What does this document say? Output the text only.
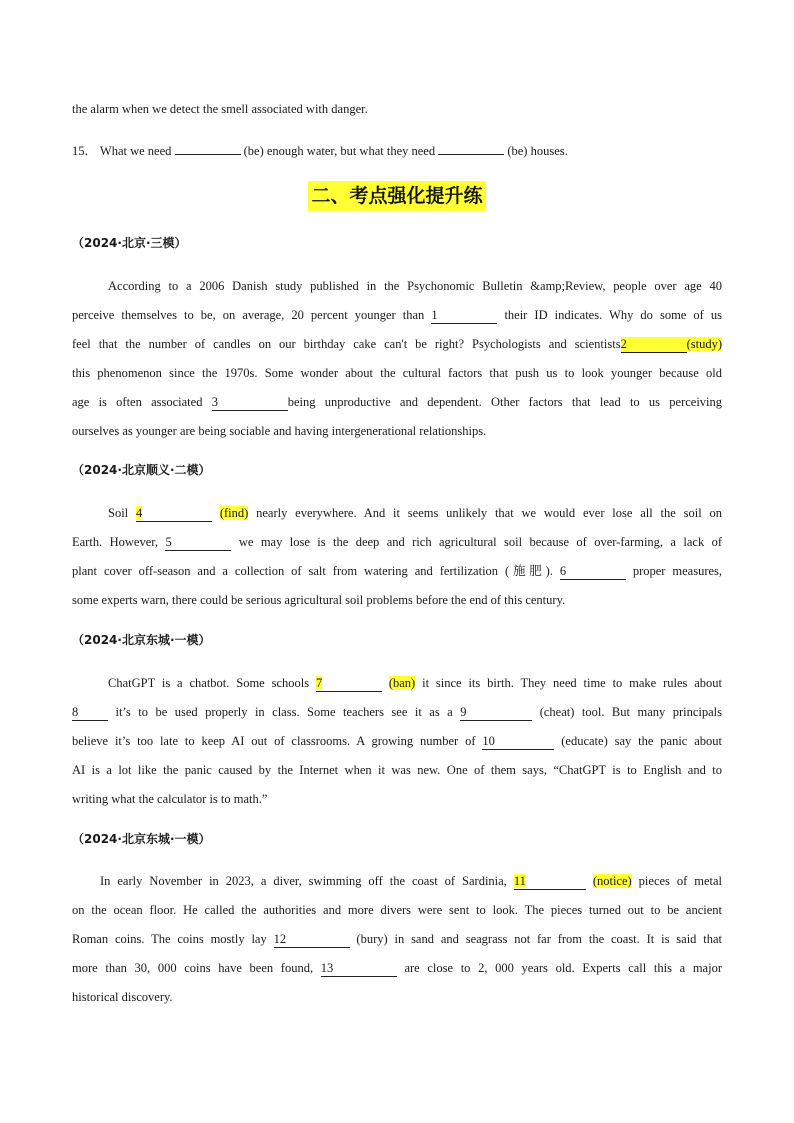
the alarm when we detect the smell associated with danger.

15． What we need	(be) enough water, but what they need	(be) houses.

二、考点强化提升练
（2024·北京·三模）

According to a 2006 Danish study published in the Psychonomic Bulletin &amp;Review, people over age 40

perceive themselves to be, on average, 20 percent younger than 1	their ID indicates. Why do some of us

feel that the number of candles on our birthday cake can't be right? Psychologists and scientists2	(study)

this phenomenon since the 1970s. Some wonder about the cultural factors that push us to look younger because old

age is often associated 3	being unproductive and dependent. Other factors that lead to us perceiving

ourselves as younger are being sociable and having intergenerational relationships.

（2024·北京顺义·二模）

Soil 4	(find) nearly everywhere. And it seems unlikely that we would ever lose all the soil on

Earth. However, 5	we may lose is the deep and rich agricultural soil because of over-farming, a lack of

plant cover off-season and a collection of salt from watering and fertilization (施肥). 6	proper measures,

some experts warn, there could be serious agricultural soil problems before the end of this century.

（2024·北京东城·一模）

ChatGPT is a chatbot. Some schools 7	(ban) it since its birth. They need time to make rules about

8	it’s to be used properly in class. Some teachers see it as a 9	(cheat) tool. But many principals

believe it’s too late to keep AI out of classrooms. A growing number of 10	(educate) say the panic about

AI is a lot like the panic caused by the Internet when it was new. One of them says, “ChatGPT is to English and to

writing what the calculator is to math.”

（2024·北京东城·一模）

In early November in 2023, a diver, swimming off the coast of Sardinia, 11	(notice) pieces of metal

on the ocean floor. He called the authorities and more divers were sent to look. The pieces turned out to be ancient

Roman coins. The coins mostly lay 12	(bury) in sand and seagrass not far from the coast. It is said that

more than 30, 000 coins have been found, 13	are close to 2, 000 years old. Experts call this a major

historical discovery.
